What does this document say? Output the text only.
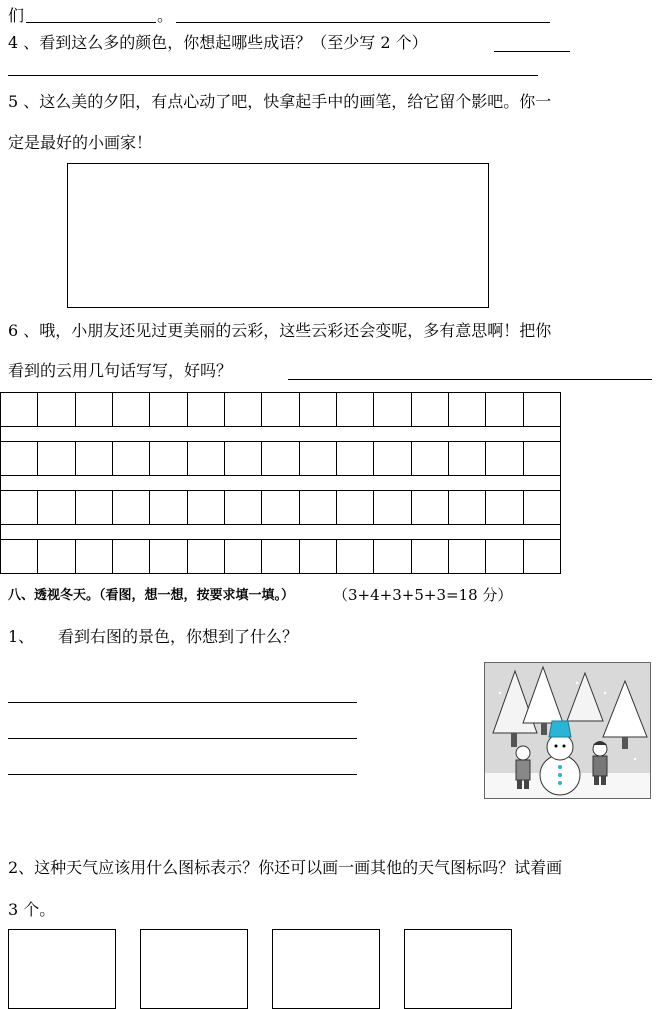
们	。
4 、看到这么多的颜色，你想起哪些成语？（至少写 2 个）
5 、这么美的夕阳，有点心动了吧，快拿起手中的画笔，给它留个影吧。你一
定是最好的小画家！
6 、哦，小朋友还见过更美丽的云彩，这些云彩还会变呢，多有意思啊！把你
看到的云用几句话写写，好吗？
八、透视冬天。（看图，想一想，按要求填一填。）	（3+4+3+5+3=18 分）
1、 看到右图的景色，你想到了什么？
2、这种天气应该用什么图标表示？你还可以画一画其他的天气图标吗？试着画
3 个。
